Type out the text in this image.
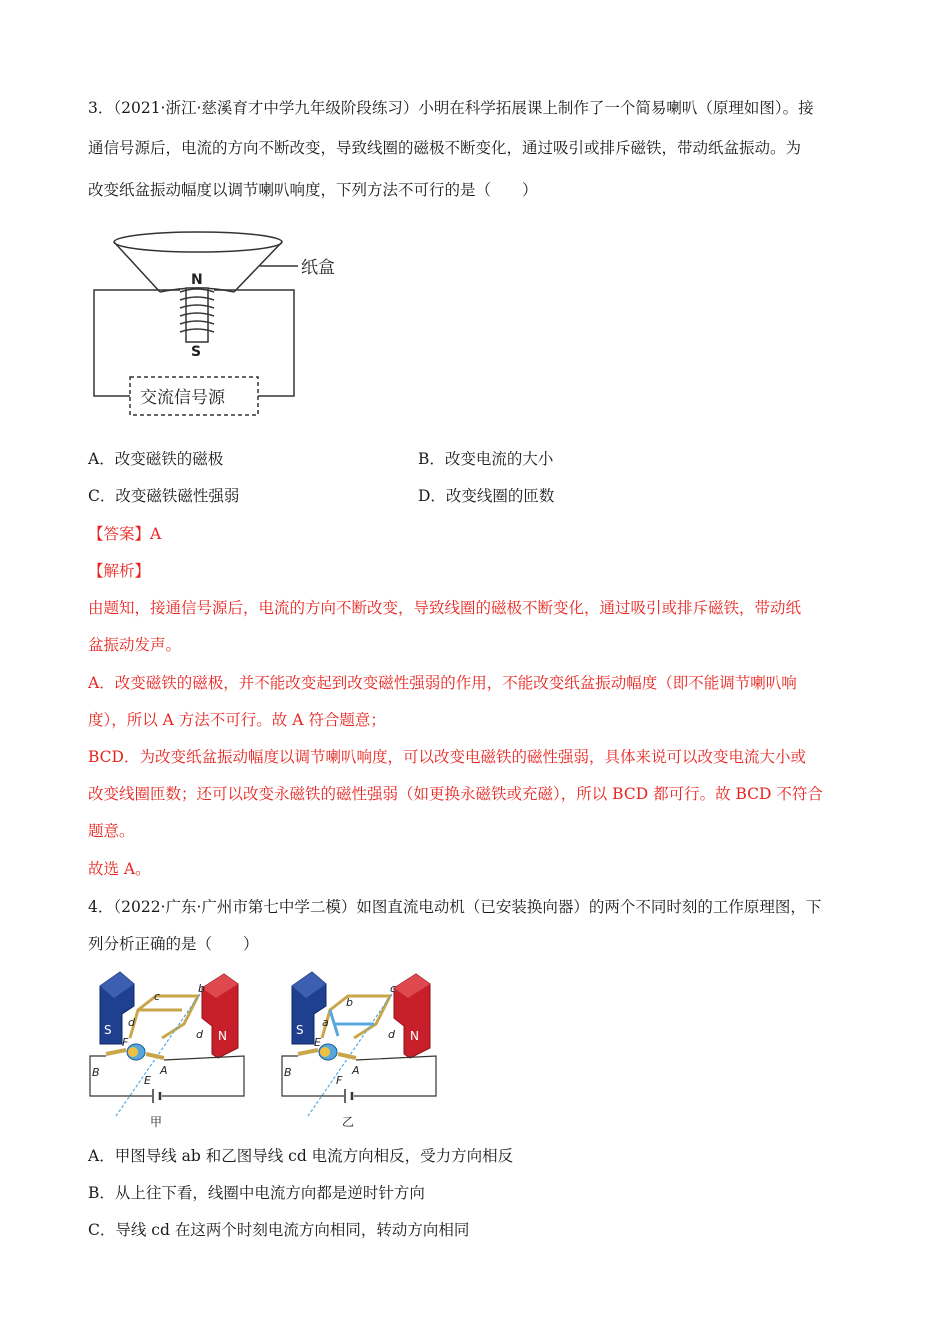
3．（2021·浙江·慈溪育才中学九年级阶段练习）小明在科学拓展课上制作了一个简易喇叭（原理如图）。接
通信号源后，电流的方向不断改变，导致线圈的磁极不断变化，通过吸引或排斥磁铁，带动纸盆振动。为
改变纸盆振动幅度以调节喇叭响度，下列方法不可行的是（　　）
纸盒
N
S
交流信号源
A．改变磁铁的磁极	B．改变电流的大小
C．改变磁铁磁性强弱	D．改变线圈的匝数
【答案】A
【解析】
由题知，接通信号源后，电流的方向不断改变，导致线圈的磁极不断变化，通过吸引或排斥磁铁，带动纸
盆振动发声。
A．改变磁铁的磁极，并不能改变起到改变磁性强弱的作用，不能改变纸盆振动幅度（即不能调节喇叭响
度），所以 A 方法不可行。故 A 符合题意；
BCD．为改变纸盆振动幅度以调节喇叭响度，可以改变电磁铁的磁性强弱，具体来说可以改变电流大小或
改变线圈匝数；还可以改变永磁铁的磁性强弱（如更换永磁铁或充磁），所以 BCD 都可行。故 BCD 不符合
题意。
故选 A。
4．（2022·广东·广州市第七中学二模）如图直流电动机（已安装换向器）的两个不同时刻的工作原理图，下
列分析正确的是（　　）
S	N
c
b
d
d
F
B
E
A
甲
S	N
b
c
a
d
E
B
F
A
乙
A．甲图导线 ab 和乙图导线 cd 电流方向相反，受力方向相反
B．从上往下看，线圈中电流方向都是逆时针方向
C．导线 cd 在这两个时刻电流方向相同，转动方向相同
